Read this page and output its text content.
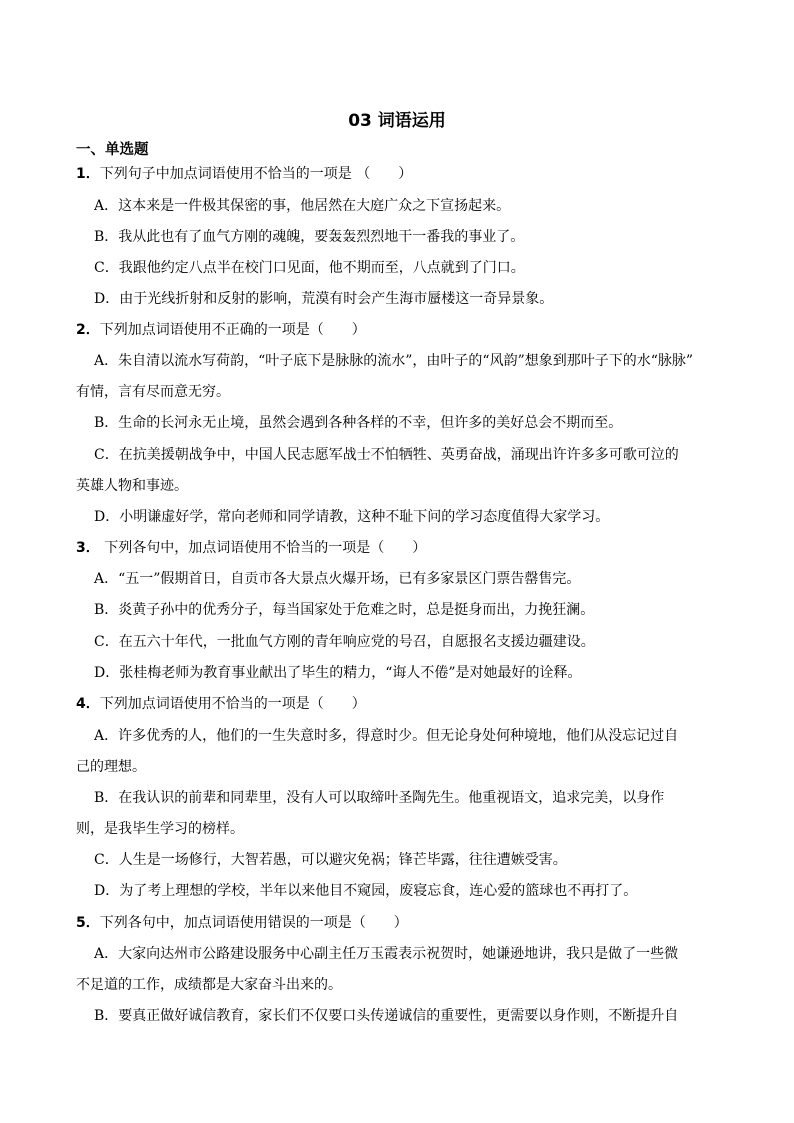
03 词语运用
一、单选题
1．下列句子中加点词语使用不恰当的一项是 （　　）
A．这本来是一件极其保密的事，他居然在大庭广众之下宣扬起来。
B．我从此也有了血气方刚的魂魄，要轰轰烈烈地干一番我的事业了。
C．我跟他约定八点半在校门口见面，他不期而至，八点就到了门口。
D．由于光线折射和反射的影响，荒漠有时会产生海市蜃楼这一奇异景象。
2．下列加点词语使用不正确的一项是（　　）
A．朱自清以流水写荷韵，“叶子底下是脉脉的流水”，由叶子的“风韵”想象到那叶子下的水“脉脉”
有情，言有尽而意无穷。
B．生命的长河永无止境，虽然会遇到各种各样的不幸，但许多的美好总会不期而至。
C．在抗美援朝战争中，中国人民志愿军战士不怕牺牲、英勇奋战，涌现出许许多多可歌可泣的
英雄人物和事迹。
D．小明谦虚好学，常向老师和同学请教，这种不耻下问的学习态度值得大家学习。
3． 下列各句中，加点词语使用不恰当的一项是（　　）
A．“五一”假期首日，自贡市各大景点火爆开场，已有多家景区门票告罄售完。
B．炎黄子孙中的优秀分子，每当国家处于危难之时，总是挺身而出，力挽狂澜。
C．在五六十年代，一批血气方刚的青年响应党的号召，自愿报名支援边疆建设。
D．张桂梅老师为教育事业献出了毕生的精力，“诲人不倦”是对她最好的诠释。
4．下列加点词语使用不恰当的一项是（　　）
A．许多优秀的人，他们的一生失意时多，得意时少。但无论身处何种境地，他们从没忘记过自
己的理想。
B．在我认识的前辈和同辈里，没有人可以取缔叶圣陶先生。他重视语文，追求完美，以身作
则，是我毕生学习的榜样。
C．人生是一场修行，大智若愚，可以避灾免祸；锋芒毕露，往往遭嫉受害。
D．为了考上理想的学校，半年以来他目不窥园，废寝忘食，连心爱的篮球也不再打了。
5．下列各句中，加点词语使用错误的一项是（　　）
A．大家向达州市公路建设服务中心副主任万玉霞表示祝贺时，她谦逊地讲，我只是做了一些微
不足道的工作，成绩都是大家奋斗出来的。
B．要真正做好诚信教育，家长们不仅要口头传递诚信的重要性，更需要以身作则，不断提升自
